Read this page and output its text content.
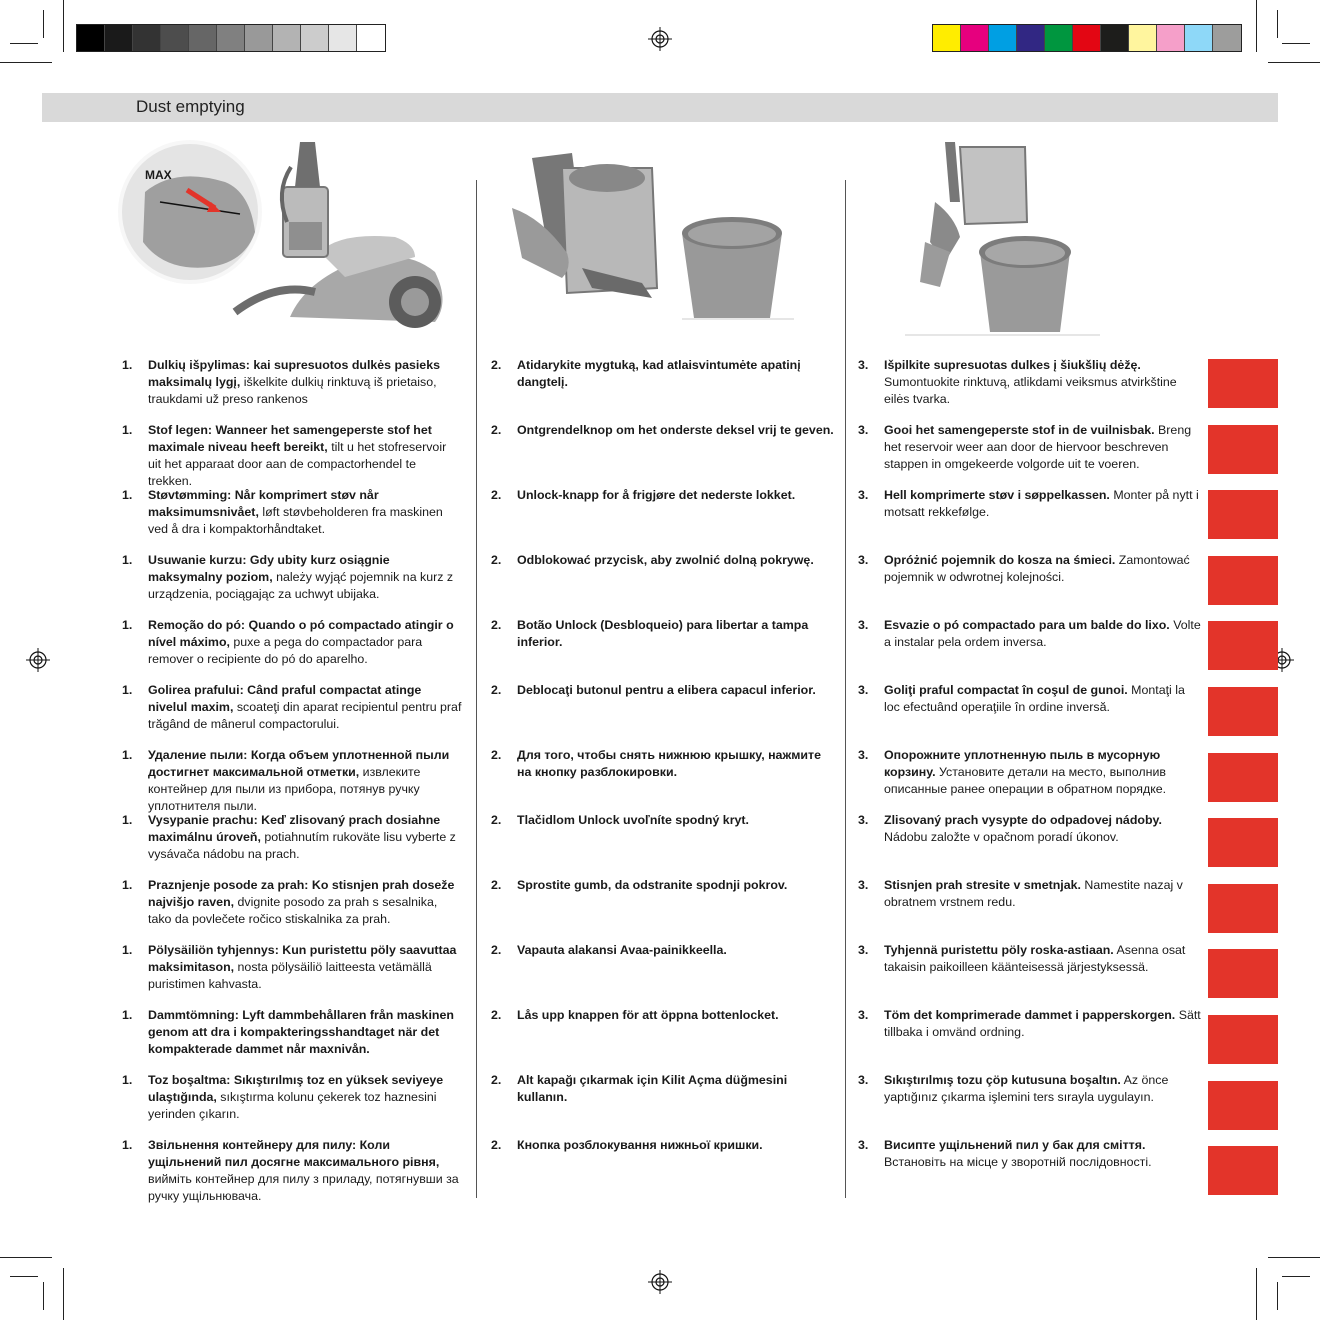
Dust emptying
MAX
1. Dulkių išpylimas: kai supresuotos dulkės pasieks maksimalų lygį, iškelkite dulkių rinktuvą iš prietaiso, traukdami už preso rankenos
1. Stof legen: Wanneer het samengeperste stof het maximale niveau heeft bereikt, tilt u het stofreservoir uit het apparaat door aan de compactorhendel te trekken.
1. Støvtømming: Når komprimert støv når maksimumsnivået, løft støvbeholderen fra maskinen ved å dra i kompaktorhåndtaket.
1. Usuwanie kurzu: Gdy ubity kurz osiągnie maksymalny poziom, należy wyjąć pojemnik na kurz z urządzenia, pociągając za uchwyt ubijaka.
1. Remoção do pó: Quando o pó compactado atingir o nível máximo, puxe a pega do compactador para remover o recipiente do pó do aparelho.
1. Golirea prafului: Când praful compactat atinge nivelul maxim, scoateţi din aparat recipientul pentru praf trăgând de mânerul compactorului.
1. Удаление пыли: Когда объем уплотненной пыли достигнет максимальной отметки, извлеките контейнер для пыли из прибора, потянув ручку уплотнителя пыли.
1. Vysypanie prachu: Keď zlisovaný prach dosiahne maximálnu úroveň, potiahnutím rukoväte lisu vyberte z vysávača nádobu na prach.
1. Praznjenje posode za prah: Ko stisnjen prah doseže najvišjo raven, dvignite posodo za prah s sesalnika, tako da povlečete ročico stiskalnika za prah.
1. Pölysäiliön tyhjennys: Kun puristettu pöly saavuttaa maksimitason, nosta pölysäiliö laitteesta vetämällä puristimen kahvasta.
1. Dammtömning: Lyft dammbehållaren från maskinen genom att dra i kompakteringsshandtaget när det kompakterade dammet når maxnivån.
1. Toz boşaltma: Sıkıştırılmış toz en yüksek seviyeye ulaştığında, sıkıştırma kolunu çekerek toz haznesini yerinden çıkarın.
1. Звільнення контейнеру для пилу: Коли ущільнений пил досягне максимального рівня, вийміть контейнер для пилу з приладу, потягнувши за ручку ущільнювача.
2. Atidarykite mygtuką, kad atlaisvintumėte apatinį dangtelį.
2. Ontgrendelknop om het onderste deksel vrij te geven.
2. Unlock-knapp for å frigjøre det nederste lokket.
2. Odblokować przycisk, aby zwolnić dolną pokrywę.
2. Botão Unlock (Desbloqueio) para libertar a tampa inferior.
2. Deblocaţi butonul pentru a elibera capacul inferior.
2. Для того, чтобы снять нижнюю крышку, нажмите на кнопку разблокировки.
2. Tlačidlom Unlock uvoľníte spodný kryt.
2. Sprostite gumb, da odstranite spodnji pokrov.
2. Vapauta alakansi Avaa-painikkeella.
2. Lås upp knappen för att öppna bottenlocket.
2. Alt kapağı çıkarmak için Kilit Açma düğmesini kullanın.
2. Кнопка розблокування нижньої кришки.
3. Išpilkite supresuotas dulkes į šiukšlių dėžę. Sumontuokite rinktuvą, atlikdami veiksmus atvirkštine eilės tvarka.
3. Gooi het samengeperste stof in de vuilnisbak. Breng het reservoir weer aan door de hiervoor beschreven stappen in omgekeerde volgorde uit te voeren.
3. Hell komprimerte støv i søppelkassen. Monter på nytt i motsatt rekkefølge.
3. Opróżnić pojemnik do kosza na śmieci. Zamontować pojemnik w odwrotnej kolejności.
3. Esvazie o pó compactado para um balde do lixo. Volte a instalar pela ordem inversa.
3. Goliţi praful compactat în coşul de gunoi. Montaţi la loc efectuând operaţiile în ordine inversă.
3. Опорожните уплотненную пыль в мусорную корзину. Установите детали на место, выполнив описанные ранее операции в обратном порядке.
3. Zlisovaný prach vysypte do odpadovej nádoby. Nádobu založte v opačnom poradí úkonov.
3. Stisnjen prah stresite v smetnjak. Namestite nazaj v obratnem vrstnem redu.
3. Tyhjennä puristettu pöly roska-astiaan. Asenna osat takaisin paikoilleen käänteisessä järjestyksessä.
3. Töm det komprimerade dammet i papperskorgen. Sätt tillbaka i omvänd ordning.
3. Sıkıştırılmış tozu çöp kutusuna boşaltın. Az önce yaptığınız çıkarma işlemini ters sırayla uygulayın.
3. Висипте ущільнений пил у бак для сміття. Встановіть на місце у зворотній послідовності.
